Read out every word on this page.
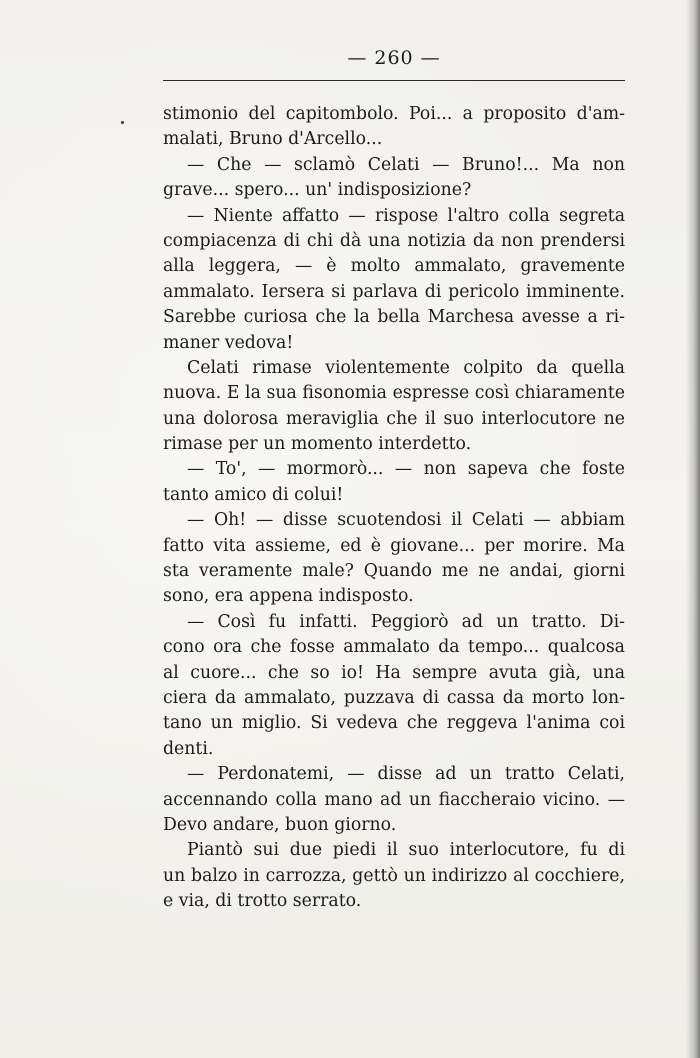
— 260 —
stimonio del capitombolo. Poi... a proposito d'am-
malati, Bruno d'Arcello...
— Che — sclamò Celati — Bruno!... Ma non
grave... spero... un' indisposizione?
— Niente affatto — rispose l'altro colla segreta
compiacenza di chi dà una notizia da non prendersi
alla leggera, — è molto ammalato, gravemente
ammalato. Iersera si parlava di pericolo imminente.
Sarebbe curiosa che la bella Marchesa avesse a ri-
maner vedova!
Celati rimase violentemente colpito da quella
nuova. E la sua fisonomia espresse così chiaramente
una dolorosa meraviglia che il suo interlocutore ne
rimase per un momento interdetto.
— To', — mormorò... — non sapeva che foste
tanto amico di colui!
— Oh! — disse scuotendosi il Celati — abbiam
fatto vita assieme, ed è giovane... per morire. Ma
sta veramente male? Quando me ne andai, giorni
sono, era appena indisposto.
— Così fu infatti. Peggiorò ad un tratto. Di-
cono ora che fosse ammalato da tempo... qualcosa
al cuore... che so io! Ha sempre avuta già, una
ciera da ammalato, puzzava di cassa da morto lon-
tano un miglio. Si vedeva che reggeva l'anima coi
denti.
— Perdonatemi, — disse ad un tratto Celati,
accennando colla mano ad un fiaccheraio vicino. —
Devo andare, buon giorno.
Piantò sui due piedi il suo interlocutore, fu di
un balzo in carrozza, gettò un indirizzo al cocchiere,
e via, di trotto serrato.
